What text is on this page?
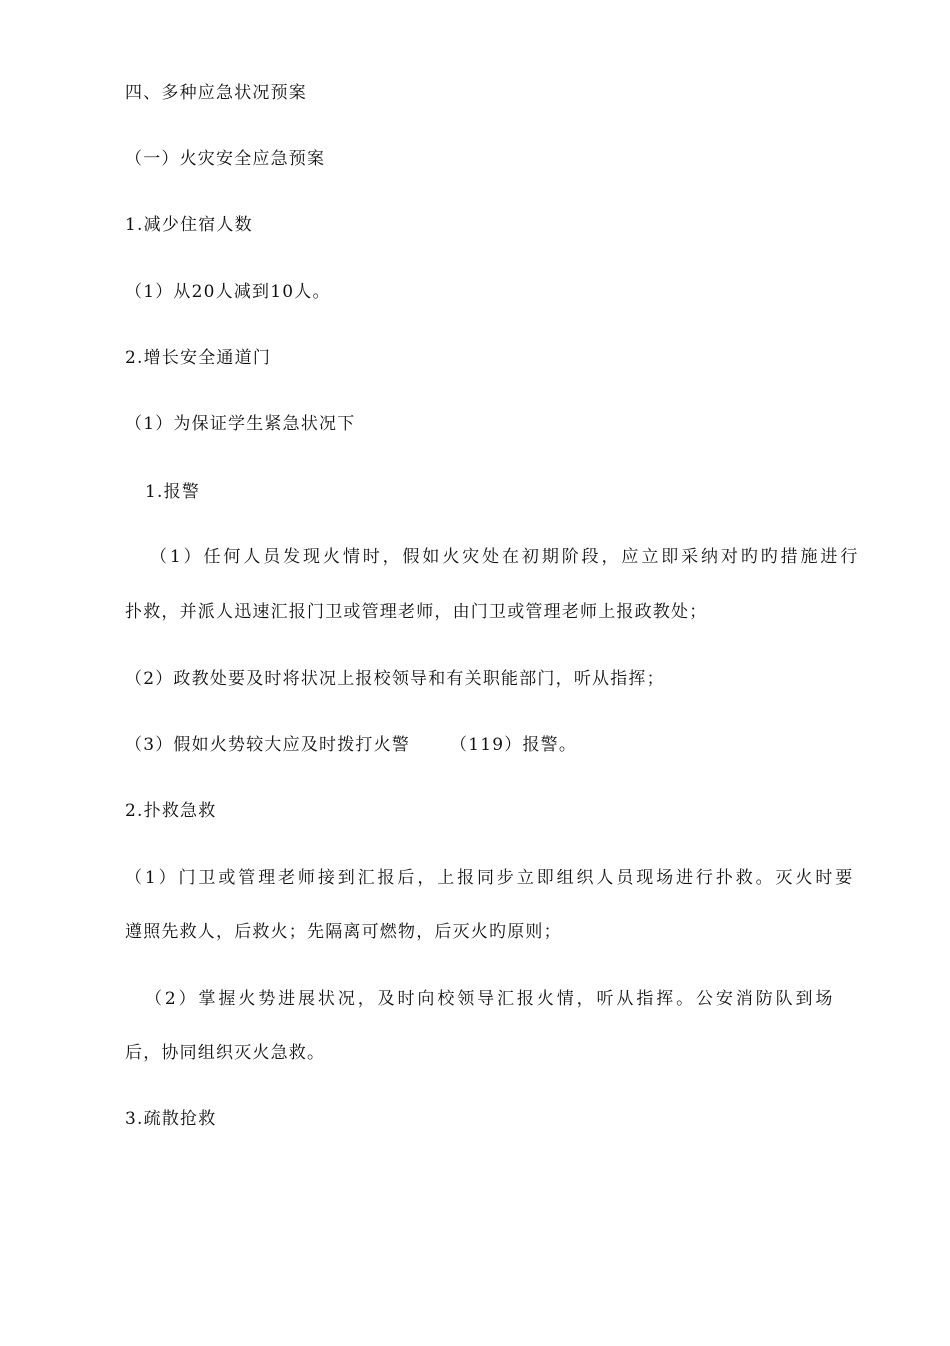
四、多种应急状况预案
（一）火灾安全应急预案
1.减少住宿人数
（1）从20人减到10人。
2.增长安全通道门
（1）为保证学生紧急状况下
1.报警
（1）任何人员发现火情时，假如火灾处在初期阶段，应立即采纳对旳旳措施进行
扑救，并派人迅速汇报门卫或管理老师，由门卫或管理老师上报政教处；
（2）政教处要及时将状况上报校领导和有关职能部门，听从指挥；
（3）假如火势较大应及时拨打火警 （119）报警。
2.扑救急救
（1）门卫或管理老师接到汇报后，上报同步立即组织人员现场进行扑救。灭火时要
遵照先救人，后救火；先隔离可燃物，后灭火旳原则；
（2）掌握火势进展状况，及时向校领导汇报火情，听从指挥。公安消防队到场
后，协同组织灭火急救。
3.疏散抢救
